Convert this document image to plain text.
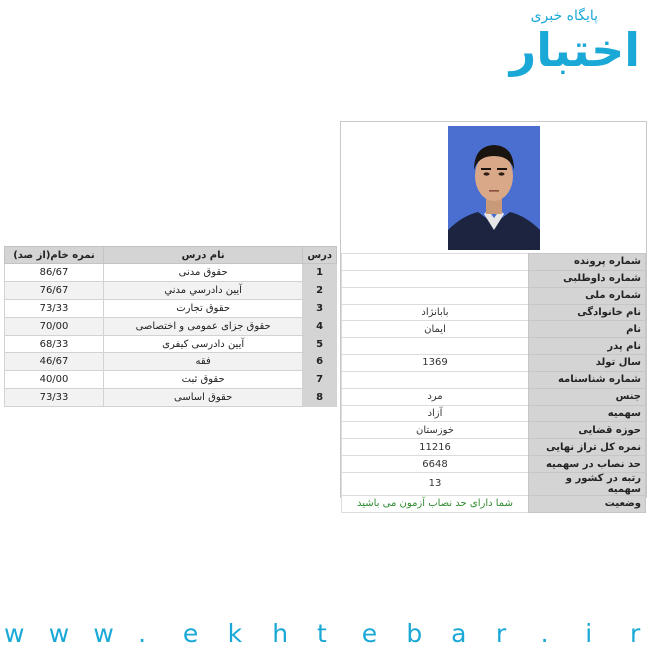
پایگاه خبری
اختبار
درس	نام درس	نمره خام(از صد)
1	حقوق مدنی	86/67
2	آیین دادرسي مدني	76/67
3	حقوق تجارت	73/33
4	حقوق جزای عمومی و اختصاصی	70/00
5	آیین دادرسی کیفری	68/33
6	فقه	46/67
7	حقوق ثبت	40/00
8	حقوق اساسی	73/33
شماره پرونده	
شماره داوطلبی	
شماره ملی	
نام خانوادگی	بابانژاد
نام	ایمان
نام پدر	
سال تولد	1369
شماره شناسنامه	
جنس	مرد
سهمیه	آزاد
حوزه قضایی	خوزستان
نمره کل تراز نهایی	11216
حد نصاب در سهمیه	6648
رتبه در کشور و سهمیه	13
وضعیت	شما دارای حد نصاب آزمون می باشید
w w w . e k h t e b a r . i r
